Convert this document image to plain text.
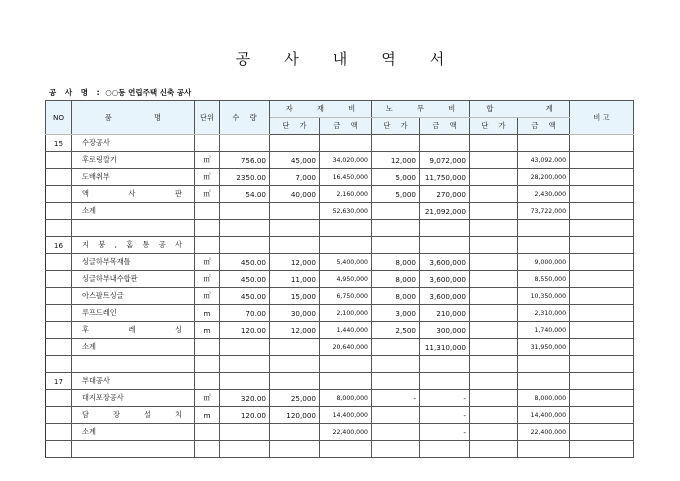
공사내역서
공 사 명 : ○○동 연립주택 신축 공사
NO	품 명	단위	수 량	자 재 비		노 무 비		합 계		비 고
				단 가	금 액	단 가	금 액	단 가	금 액	
15	수장공사									
	후로링깔기	㎡	756.00	45,000	34,020,000	12,000	9,072,000		43,092,000	
	도배취부	㎡	2350.00	7,000	16,450,000	5,000	11,750,000		28,200,000	
	액 사 판	㎡	54.00	40,000	2,160,000	5,000	270,000		2,430,000	
	소계				52,630,000		21,092,000		73,722,000	

16	지 붕 , 홈 통 공 사									
	싱글하부목재틀	㎡	450.00	12,000	5,400,000	8,000	3,600,000		9,000,000	
	싱글하부내수합판	㎡	450.00	11,000	4,950,000	8,000	3,600,000		8,550,000	
	아스팔트싱글	㎡	450.00	15,000	6,750,000	8,000	3,600,000		10,350,000	
	루프드레인	m	70.00	30,000	2,100,000	3,000	210,000		2,310,000	
	후 레 싱	m	120.00	12,000	1,440,000	2,500	300,000		1,740,000	
	소계				20,640,000		11,310,000		31,950,000	

17	부대공사									
	대지포장공사	㎡	320.00	25,000	8,000,000	-	-		8,000,000	
	담 장 설 치	m	120.00	120,000	14,400,000		-		14,400,000	
	소계				22,400,000		-		22,400,000	
